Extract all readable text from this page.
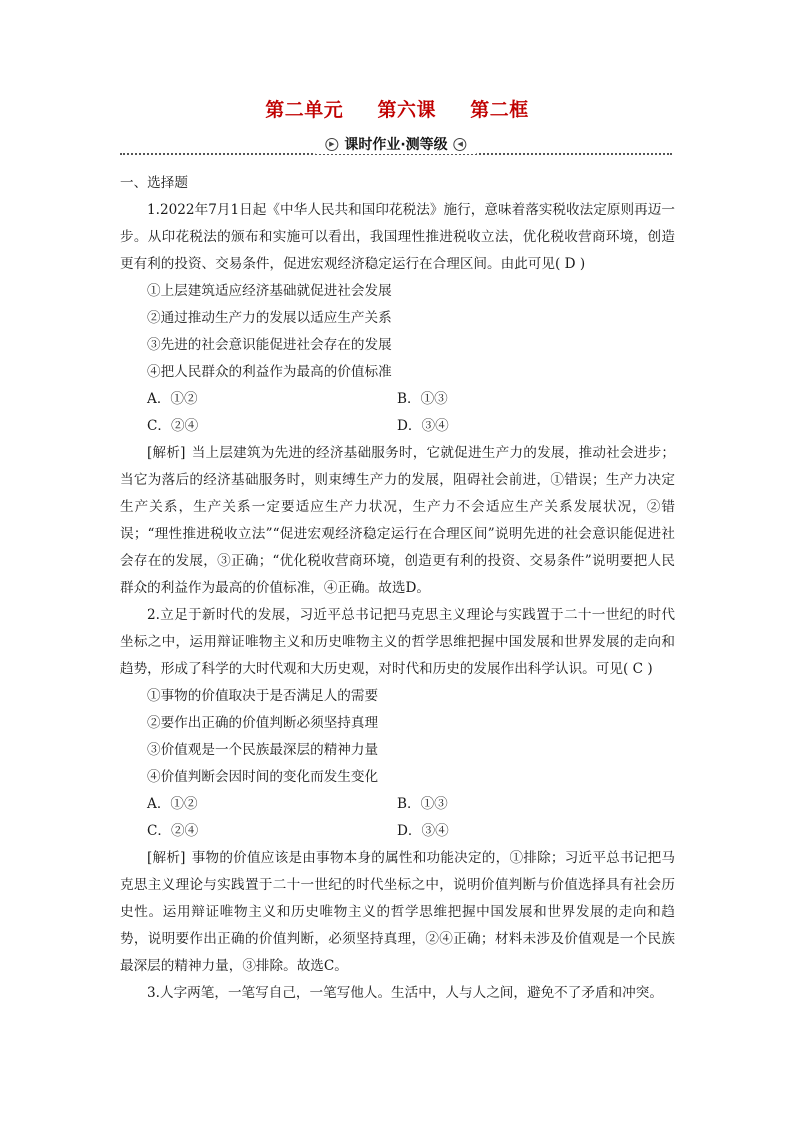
第二单元  第六课  第二框
▶ 课时作业·测等级	◀

一、选择题

1.2022年7月1日起《中华人民共和国印花税法》施行，意味着落实税收法定原则再迈一步。从印花税法的颁布和实施可以看出，我国理性推进税收立法，优化税收营商环境，创造更有利的投资、交易条件，促进宏观经济稳定运行在合理区间。由此可见( D )

①上层建筑适应经济基础就促进社会发展

②通过推动生产力的发展以适应生产关系

③先进的社会意识能促进社会存在的发展

④把人民群众的利益作为最高的价值标准

A．①②	B．①③
C．②④	D．③④

[解析] 当上层建筑为先进的经济基础服务时，它就促进生产力的发展，推动社会进步；当它为落后的经济基础服务时，则束缚生产力的发展，阻碍社会前进，①错误；生产力决定生产关系，生产关系一定要适应生产力状况，生产力不会适应生产关系发展状况，②错误；“理性推进税收立法”“促进宏观经济稳定运行在合理区间”说明先进的社会意识能促进社会存在的发展，③正确；“优化税收营商环境，创造更有利的投资、交易条件”说明要把人民群众的利益作为最高的价值标准，④正确。故选D。

2.立足于新时代的发展，习近平总书记把马克思主义理论与实践置于二十一世纪的时代坐标之中，运用辩证唯物主义和历史唯物主义的哲学思维把握中国发展和世界发展的走向和趋势，形成了科学的大时代观和大历史观，对时代和历史的发展作出科学认识。可见( C )

①事物的价值取决于是否满足人的需要

②要作出正确的价值判断必须坚持真理

③价值观是一个民族最深层的精神力量

④价值判断会因时间的变化而发生变化

A．①②	B．①③
C．②④	D．③④

[解析] 事物的价值应该是由事物本身的属性和功能决定的，①排除；习近平总书记把马克思主义理论与实践置于二十一世纪的时代坐标之中，说明价值判断与价值选择具有社会历史性。运用辩证唯物主义和历史唯物主义的哲学思维把握中国发展和世界发展的走向和趋势，说明要作出正确的价值判断，必须坚持真理，②④正确；材料未涉及价值观是一个民族最深层的精神力量，③排除。故选C。

3.人字两笔，一笔写自己，一笔写他人。生活中，人与人之间，避免不了矛盾和冲突。
